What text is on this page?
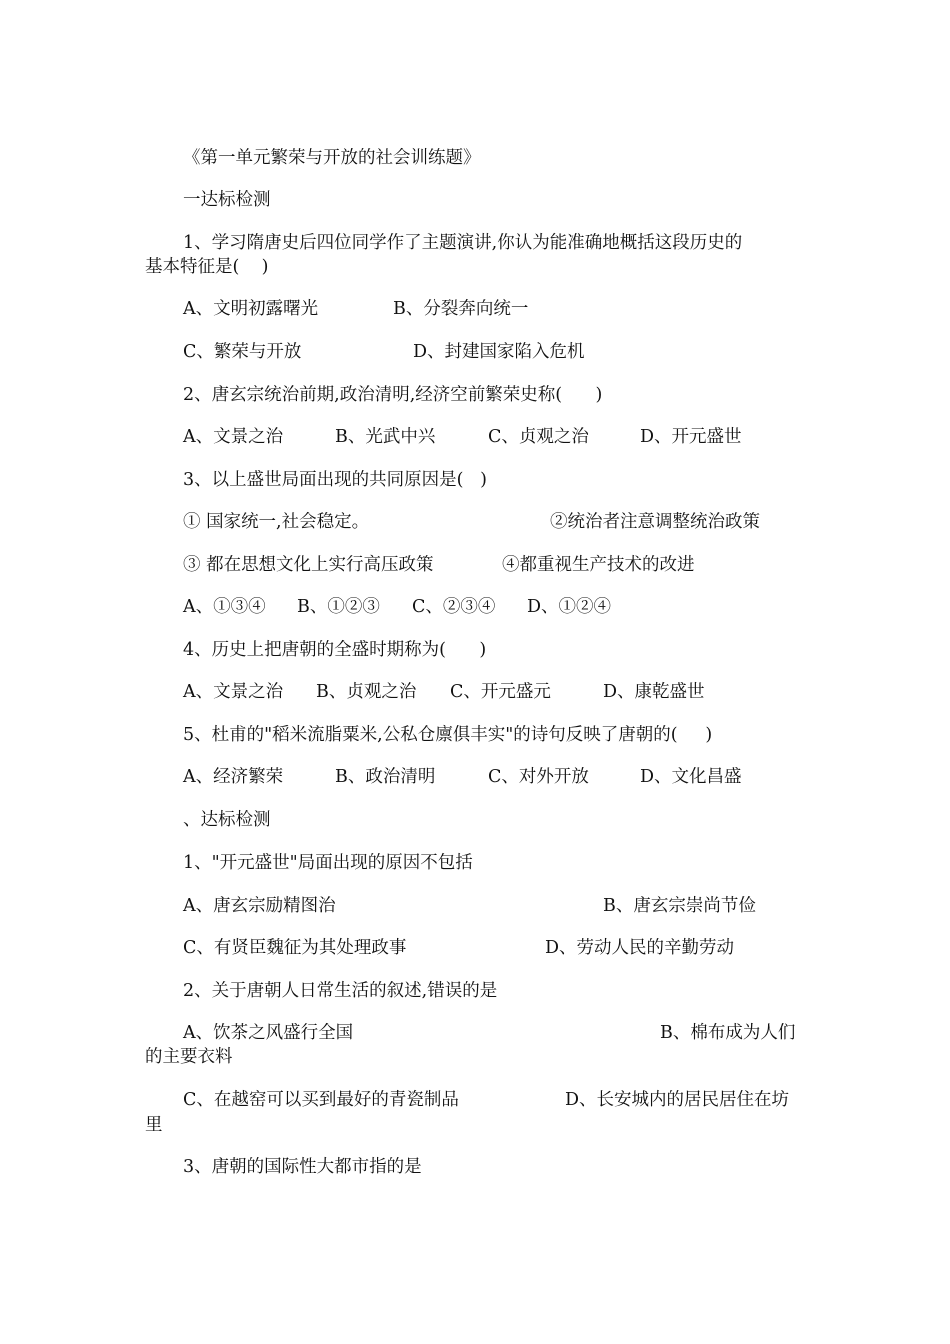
《第一单元繁荣与开放的社会训练题》
一达标检测
1、学习隋唐史后四位同学作了主题演讲,你认为能准确地概括这段历史的
基本特征是(    )
A、文明初露曙光	B、分裂奔向统一
C、繁荣与开放	D、封建国家陷入危机
2、唐玄宗统治前期,政治清明,经济空前繁荣史称(      )
A、文景之治	B、光武中兴	C、贞观之治	D、开元盛世
3、以上盛世局面出现的共同原因是(   )
① 国家统一,社会稳定。	②统治者注意调整统治政策
③ 都在思想文化上实行高压政策	④都重视生产技术的改进
A、①③④ B、①②③ C、②③④ D、①②④
4、历史上把唐朝的全盛时期称为(      )
A、文景之治 B、贞观之治 C、开元盛元	D、康乾盛世
5、杜甫的"稻米流脂粟米,公私仓廪俱丰实"的诗句反映了唐朝的(     )
A、经济繁荣	B、政治清明	C、对外开放	D、文化昌盛
、达标检测
1、"开元盛世"局面出现的原因不包括
A、唐玄宗励精图治	B、唐玄宗崇尚节俭
C、有贤臣魏征为其处理政事	D、劳动人民的辛勤劳动
2、关于唐朝人日常生活的叙述,错误的是
A、饮茶之风盛行全国	B、棉布成为人们
的主要衣料
C、在越窑可以买到最好的青瓷制品	D、长安城内的居民居住在坊
里
3、唐朝的国际性大都市指的是
